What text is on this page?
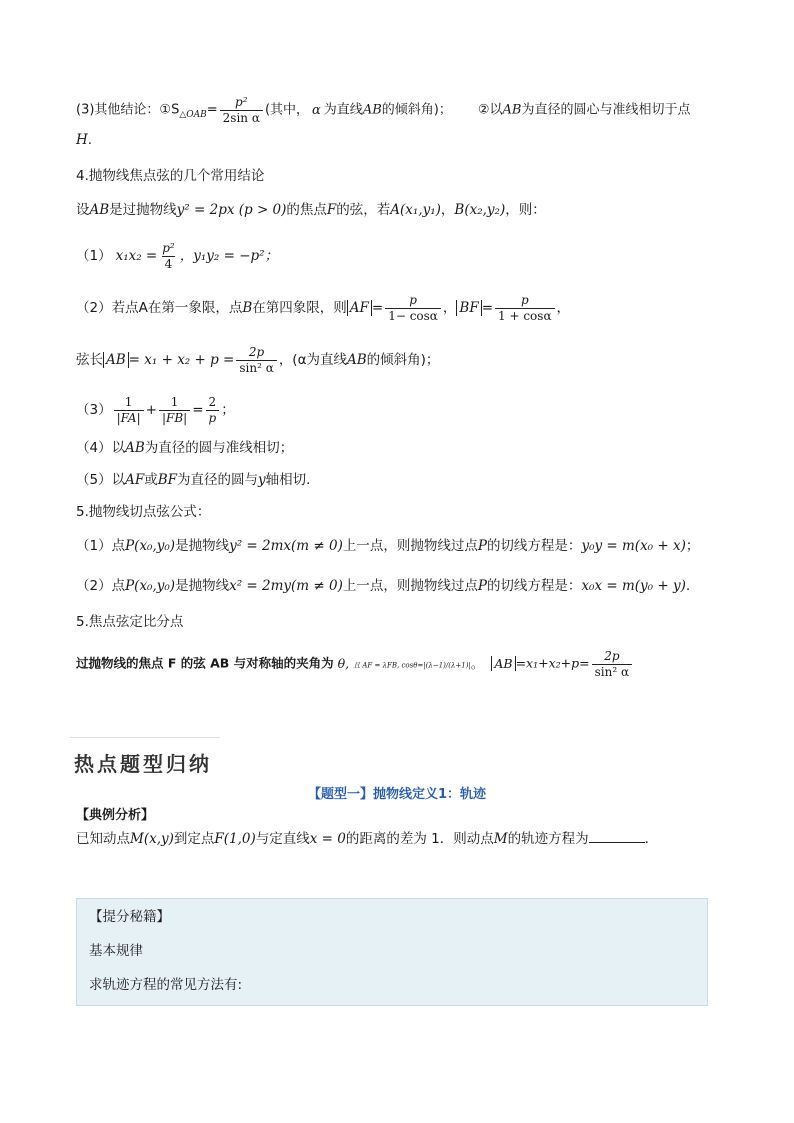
(3)其他结论：$①S_{\triangle OAB}= \frac{\text{p²}}{\text{2sin α}}$ (其中， α 为直线AB的倾斜角)； ②以AB为直径的圆心与准线相切于点
H.
4.抛物线焦点弦的几个常用结论
设AB是过抛物线y² = 2px (p > 0)的焦点F的弦，若A(x₁,y₁)，B(x₂,y₂)，则：
（1） $x_1x_2 = \frac{\text{p²}}{4}$ ，y₁y₂ = −p²；
（2）若点A在第一象限，点B在第四象限，则 AF = $\frac{p}{1- \cos\alpha}$ ， BF = $\frac{p}{1 + \cos\alpha}$ ，
弦长 AB = $x_1 + x_2 + p = \frac{2p}{\text{sin² α}}$ ，(α为直线AB的倾斜角)；
$(3) \frac{1}{|FA|} + \frac{1}{|FB|} = \frac{2}{p}$ ；
（4）以AB为直径的圆与准线相切；
（5）以AF或BF为直径的圆与y轴相切.
5.抛物线切点弦公式：
（1）点P(x₀,y₀)是抛物线y² = 2mx(m ≠ 0)上一点，则抛物线过点P的切线方程是：y₀y = m(x₀ + x)；
（2）点P(x₀,y₀)是抛物线x² = 2my(m ≠ 0)上一点，则抛物线过点P的切线方程是：x₀x = m(y₀ + y).
5.焦点弦定比分点
过抛物线的焦点 F 的弦 AB 与对称轴的夹角为 θ, 且 AF = λFB, cosθ=|(λ−1)/(λ+1)|。 AB $=x_1+x_2+p= \frac{2p}{\text{sin² α}}$
热点题型归纳
【题型一】抛物线定义1：轨迹
【典例分析】
已知动点M(x,y)到定点F(1,0)与定直线x = 0的距离的差为 1．则动点M的轨迹方程为	.
【提分秘籍】
基本规律
求轨迹方程的常见方法有:
